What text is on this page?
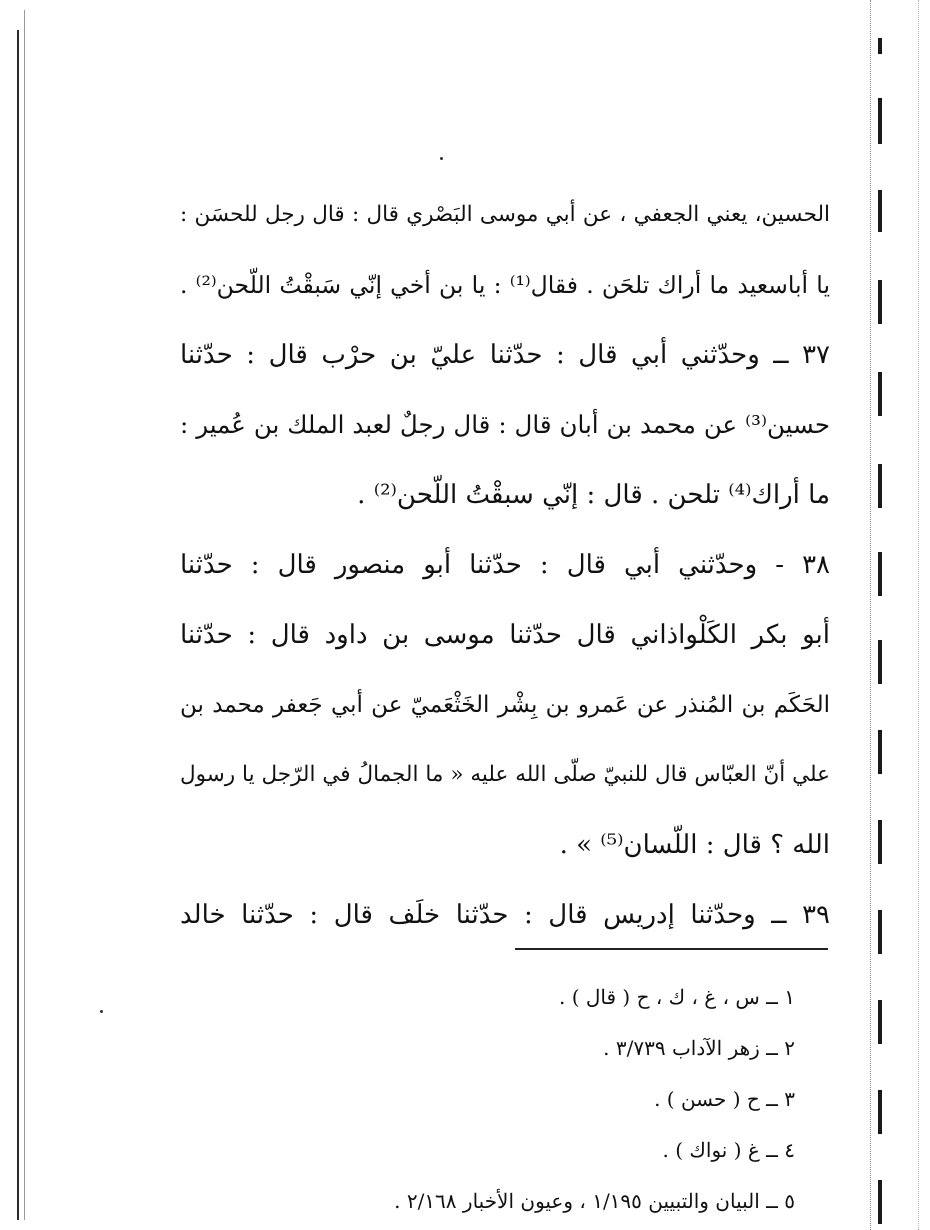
الحسين، يعني الجعفي ، عن أبي موسى البَصْري قال : قال رجل للحسَن :
يا أباسعيد ما أراك تلحَن . فقال⁽¹⁾ : يا بن أخي إنّي سَبقْتُ اللّحن⁽²⁾ .
٣٧ ــ وحدّثني أبي قال : حدّثنا عليّ بن حرْب قال : حدّثنا
حسين⁽³⁾ عن محمد بن أبان قال : قال رجلٌ لعبد الملك بن عُمير :
ما أراك⁽⁴⁾ تلحن . قال : إنّي سبقْتُ اللّحن⁽²⁾ .
٣٨ - وحدّثني أبي قال : حدّثنا أبو منصور قال : حدّثنا
أبو بكر الكَلْواذاني قال حدّثنا موسى بن داود قال : حدّثنا
الحَكَم بن المُنذر عن عَمرو بن بِشْر الخَثْعَميّ عن أبي جَعفر محمد بن
علي أنّ العبّاس قال للنبيّ صلّى الله عليه « ما الجمالُ في الرّجل يا رسول
الله ؟ قال : اللّسان⁽⁵⁾ » .
٣٩ ــ وحدّثنا إدريس قال : حدّثنا خلَف قال : حدّثنا خالد
١ ــ س ، غ ، ك ، ح ( قال ) .
٢ ــ زهر الآداب ٣/٧٣٩ .
٣ ــ ح ( حسن ) .
٤ ــ غ ( نواك ) .
٥ ــ البيان والتبيين ١/١٩٥ ، وعيون الأخبار ٢/١٦٨ .
